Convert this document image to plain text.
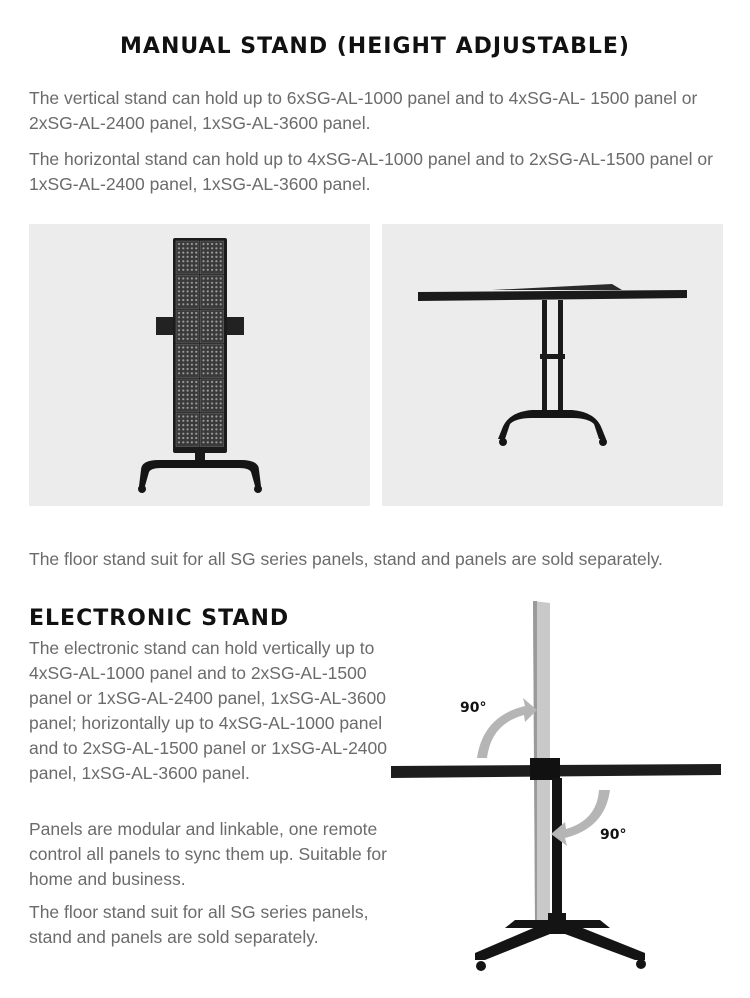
MANUAL STAND (HEIGHT ADJUSTABLE)
The vertical stand can hold up to 6xSG-AL-1000 panel and to 4xSG-AL- 1500 panel or 2xSG-AL-2400 panel, 1xSG-AL-3600 panel.
The horizontal stand can hold up to 4xSG-AL-1000 panel and to 2xSG-AL-1500 panel or 1xSG-AL-2400 panel, 1xSG-AL-3600 panel.
The floor stand suit for all SG series panels, stand and panels are sold separately.
ELECTRONIC STAND
The electronic stand can hold vertically up to 4xSG-AL-1000 panel and to 2xSG-AL-1500 panel or 1xSG-AL-2400 panel, 1xSG-AL-3600 panel; horizontally up to 4xSG-AL-1000 panel and to 2xSG-AL-1500 panel or 1xSG-AL-2400 panel, 1xSG-AL-3600 panel.
Panels are modular and linkable, one remote control all panels to sync them up. Suitable for home and business.
The floor stand suit for all SG series panels, stand and panels are sold separately.
90°
90°
